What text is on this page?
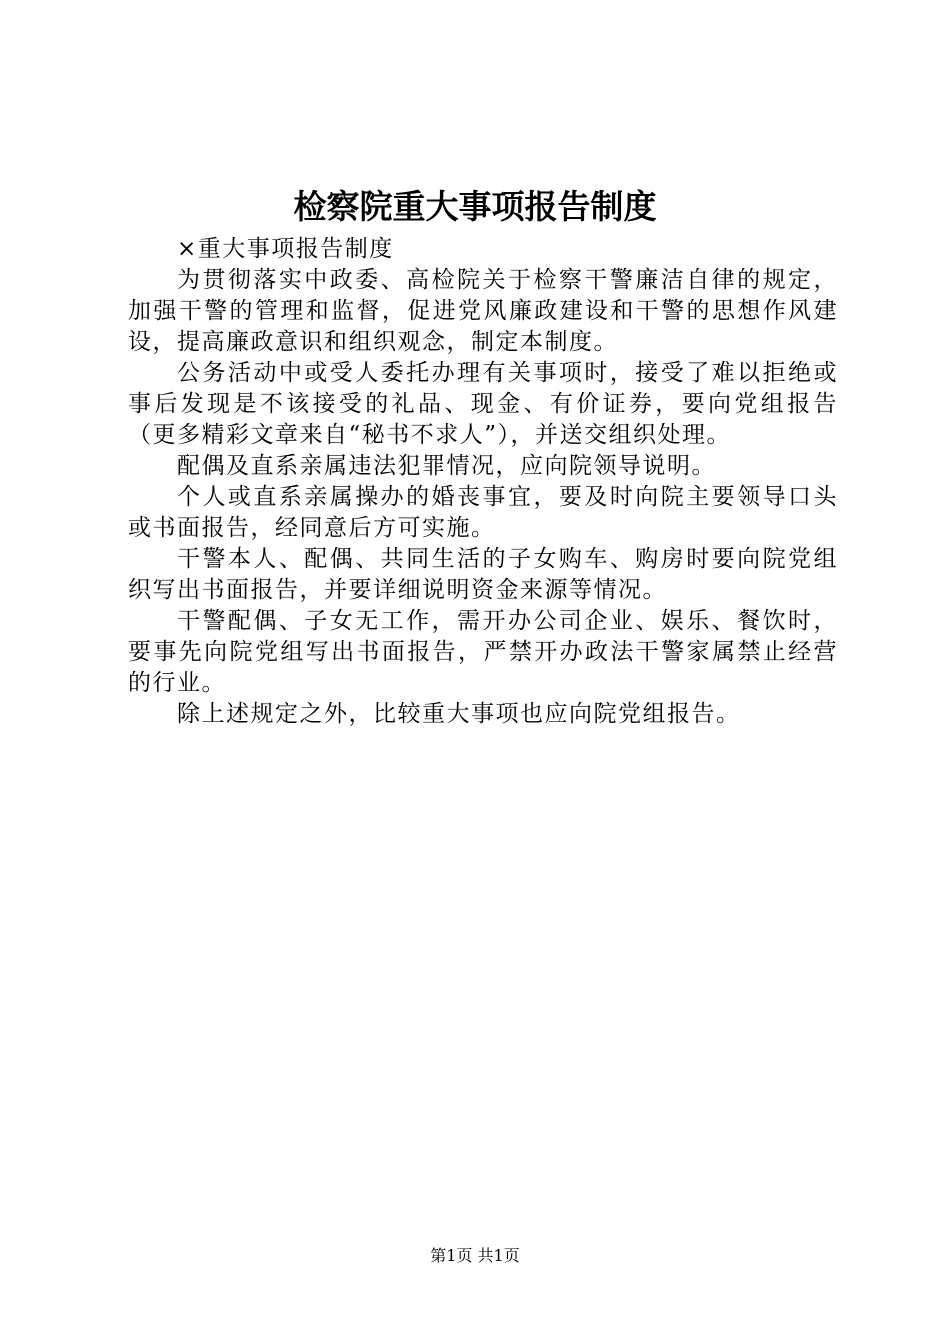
检察院重大事项报告制度

×重大事项报告制度

为贯彻落实中政委、高检院关于检察干警廉洁自律的规定，加强干警的管理和监督，促进党风廉政建设和干警的思想作风建设，提高廉政意识和组织观念，制定本制度。

公务活动中或受人委托办理有关事项时，接受了难以拒绝或事后发现是不该接受的礼品、现金、有价证券，要向党组报告（更多精彩文章来自“秘书不求人”），并送交组织处理。

配偶及直系亲属违法犯罪情况，应向院领导说明。

个人或直系亲属操办的婚丧事宜，要及时向院主要领导口头或书面报告，经同意后方可实施。

干警本人、配偶、共同生活的子女购车、购房时要向院党组织写出书面报告，并要详细说明资金来源等情况。

干警配偶、子女无工作，需开办公司企业、娱乐、餐饮时，要事先向院党组写出书面报告，严禁开办政法干警家属禁止经营的行业。

除上述规定之外，比较重大事项也应向院党组报告。

第1页 共1页
